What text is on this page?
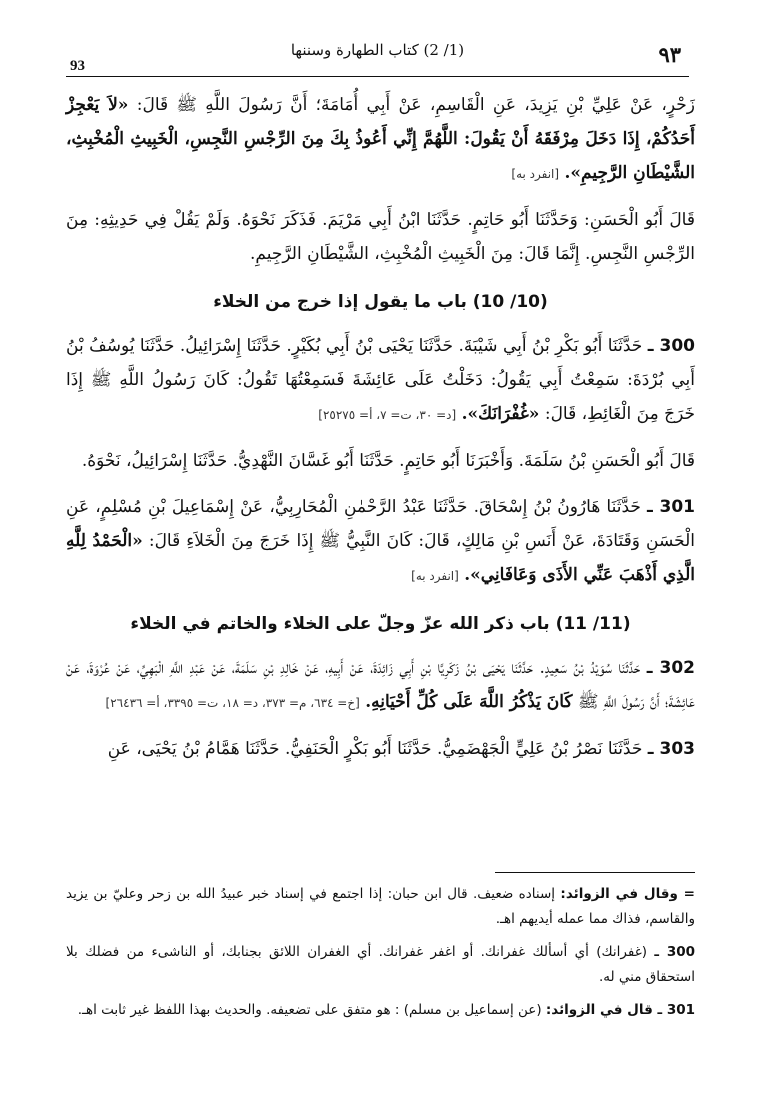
٩٣
(1/ 2) كتاب الطهارة وسننها
93

زَحْرٍ، عَنْ عَلِيِّ بْنِ يَزِيدَ، عَنِ الْقَاسِمِ، عَنْ أَبِي أُمَامَةَ؛ أَنَّ رَسُولَ اللَّهِ ﷺ قَالَ: «لاَ يَعْجِزْ أَحَدُكُمْ، إِذَا دَخَلَ مِرْفَقَهُ أَنْ يَقُولَ: اللَّهُمَّ إِنِّي أَعُوذُ بِكَ مِنَ الرِّجْسِ النَّجِسِ، الْخَبِيثِ الْمُخْبِثِ، الشَّيْطَانِ الرَّجِيمِ». [انفرد به]

قَالَ أَبُو الْحَسَنِ: وَحَدَّثَنَا أَبُو حَاتِمٍ. حَدَّثَنَا ابْنُ أَبِي مَرْيَمَ. فَذَكَرَ نَحْوَهُ. وَلَمْ يَقُلْ فِي حَدِيثِهِ: مِنَ الرِّجْسِ النَّجِسِ. إِنَّمَا قَالَ: مِنَ الْخَبِيثِ الْمُخْبِثِ، الشَّيْطَانِ الرَّجِيمِ.

(10/ 10) باب ما يقول إذا خرج من الخلاء

300 ـ حَدَّثَنَا أَبُو بَكْرِ بْنُ أَبِي شَيْبَةَ. حَدَّثَنَا يَحْيَى بْنُ أَبِي بُكَيْرٍ. حَدَّثَنَا إِسْرَائِيلُ. حَدَّثَنَا يُوسُفُ بْنُ أَبِي بُرْدَةَ: سَمِعْتُ أَبِي يَقُولُ: دَخَلْتُ عَلَى عَائِشَةَ فَسَمِعْتُهَا تَقُولُ: كَانَ رَسُولُ اللَّهِ ﷺ إِذَا خَرَجَ مِنَ الْغَائِطِ، قَالَ: «غُفْرَانَكَ». [د= ٣٠، ت= ٧، أ= ٢٥٢٧٥]

قَالَ أَبُو الْحَسَنِ بْنُ سَلَمَةَ. وَأَخْبَرَنَا أَبُو حَاتِمٍ. حَدَّثَنَا أَبُو غَسَّانَ النَّهْدِيُّ. حَدَّثَنَا إِسْرَائِيلُ، نَحْوَهُ.

301 ـ حَدَّثَنَا هَارُونُ بْنُ إِسْحَاقَ. حَدَّثَنَا عَبْدُ الرَّحْمٰنِ الْمُحَارِبِيُّ، عَنْ إِسْمَاعِيلَ بْنِ مُسْلِمٍ، عَنِ الْحَسَنِ وَقَتَادَةَ، عَنْ أَنَسِ بْنِ مَالِكٍ، قَالَ: كَانَ النَّبِيُّ ﷺ إِذَا خَرَجَ مِنَ الْخَلاَءِ قَالَ: «الْحَمْدُ لِلَّهِ الَّذِي أَذْهَبَ عَنِّي الأَذَى وَعَافَانِي». [انفرد به]

(11/ 11) باب ذكر الله عزّ وجلّ على الخلاء والخاتم في الخلاء

302 ـ حَدَّثَنَا سُوَيْدُ بْنُ سَعِيدٍ. حَدَّثَنَا يَحْيَى بْنُ زَكَرِيَّا بْنِ أَبِي زَائِدَةَ، عَنْ أَبِيهِ، عَنْ خَالِدِ بْنِ سَلَمَةَ، عَنْ عَبْدِ اللَّهِ الْبَهِيِّ، عَنْ عُرْوَةَ، عَنْ عَائِشَةَ؛ أَنَّ رَسُولَ اللَّهِ ﷺ كَانَ يَذْكُرُ اللَّهَ عَلَى كُلِّ أَحْيَانِهِ. [خ= ٦٣٤، م= ٣٧٣، د= ١٨، ت= ٣٣٩٥، أ= ٢٦٤٣٦]

303 ـ حَدَّثَنَا نَصْرُ بْنُ عَلِيٍّ الْجَهْضَمِيُّ. حَدَّثَنَا أَبُو بَكْرٍ الْحَنَفِيُّ. حَدَّثَنَا هَمَّامُ بْنُ يَحْيَى، عَنِ

= وقال في الزوائد: إسناده ضعيف. قال ابن حبان: إذا اجتمع في إسناد خبر عبيدُ الله بن زحر وعليّ بن يزيد والقاسم، فذاك مما عمله أيديهم اهـ.
300 ـ (غفرانك) أي أسألك غفرانك. أو اغفر غفرانك. أي الغفران اللائق بجنابك، أو الناشىء من فضلك بلا استحقاق مني له.
301 ـ قال في الزوائد: (عن إسماعيل بن مسلم) : هو متفق على تضعيفه. والحديث بهذا اللفظ غير ثابت اهـ.
